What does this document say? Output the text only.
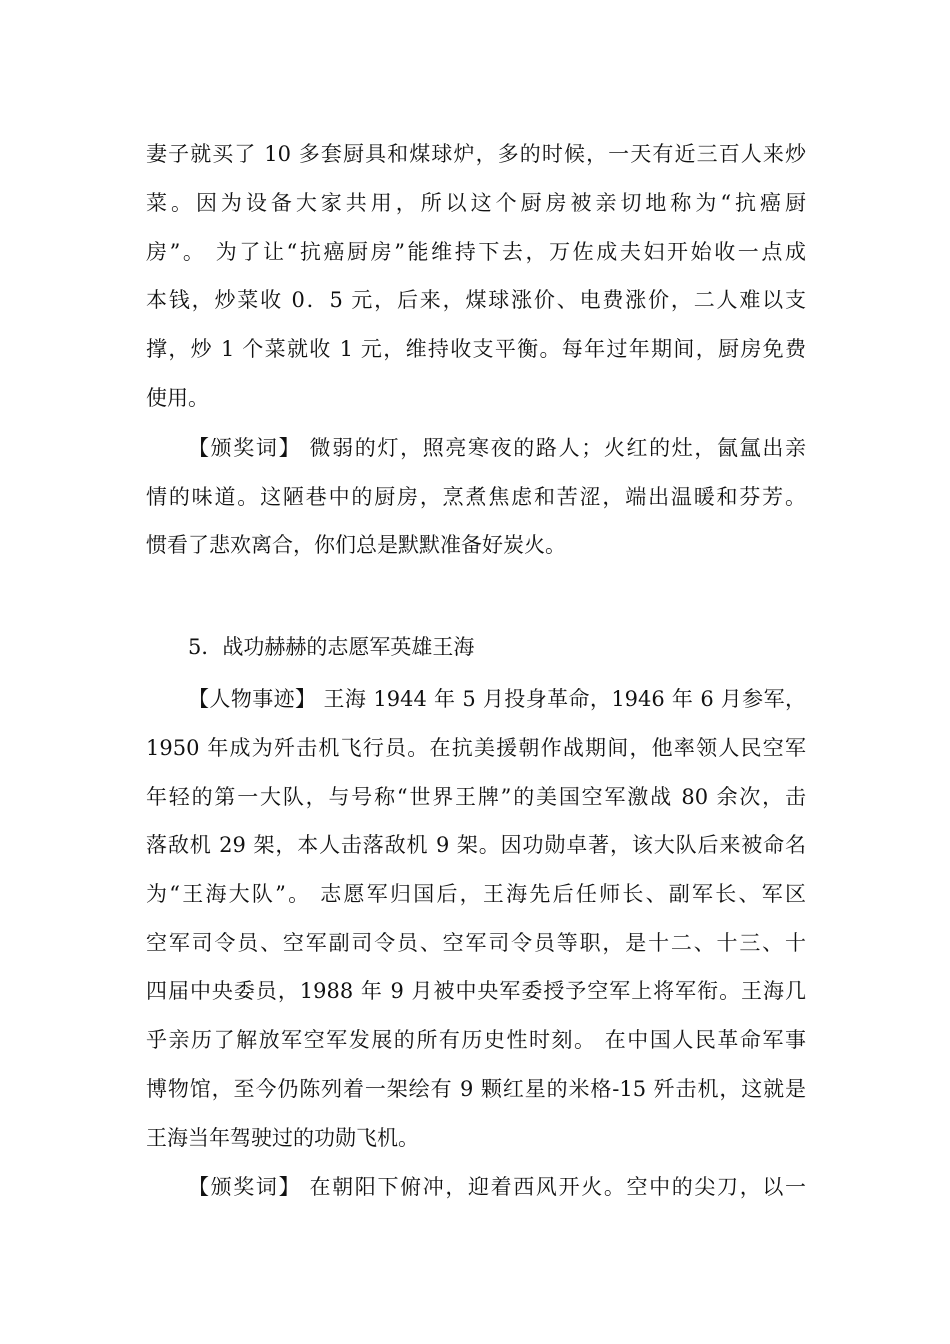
妻子就买了 10 多套厨具和煤球炉，多的时候，一天有近三百人来炒
菜。因为设备大家共用，所以这个厨房被亲切地称为“抗癌厨
房”。 为了让“抗癌厨房”能维持下去，万佐成夫妇开始收一点成
本钱，炒菜收 0．5 元，后来，煤球涨价、电费涨价，二人难以支
撑，炒 1 个菜就收 1 元，维持收支平衡。每年过年期间，厨房免费
使用。
【颁奖词】 微弱的灯，照亮寒夜的路人；火红的灶，氤氲出亲
情的味道。这陋巷中的厨房，烹煮焦虑和苦涩，端出温暖和芬芳。
惯看了悲欢离合，你们总是默默准备好炭火。
5．战功赫赫的志愿军英雄王海
【人物事迹】 王海 1944 年 5 月投身革命，1946 年 6 月参军，
1950 年成为歼击机飞行员。在抗美援朝作战期间，他率领人民空军
年轻的第一大队，与号称“世界王牌”的美国空军激战 80 余次，击
落敌机 29 架，本人击落敌机 9 架。因功勋卓著，该大队后来被命名
为“王海大队”。 志愿军归国后，王海先后任师长、副军长、军区
空军司令员、空军副司令员、空军司令员等职，是十二、十三、十
四届中央委员，1988 年 9 月被中央军委授予空军上将军衔。王海几
乎亲历了解放军空军发展的所有历史性时刻。 在中国人民革命军事
博物馆，至今仍陈列着一架绘有 9 颗红星的米格-15 歼击机，这就是
王海当年驾驶过的功勋飞机。
【颁奖词】 在朝阳下俯冲，迎着西风开火。空中的尖刀，以一
